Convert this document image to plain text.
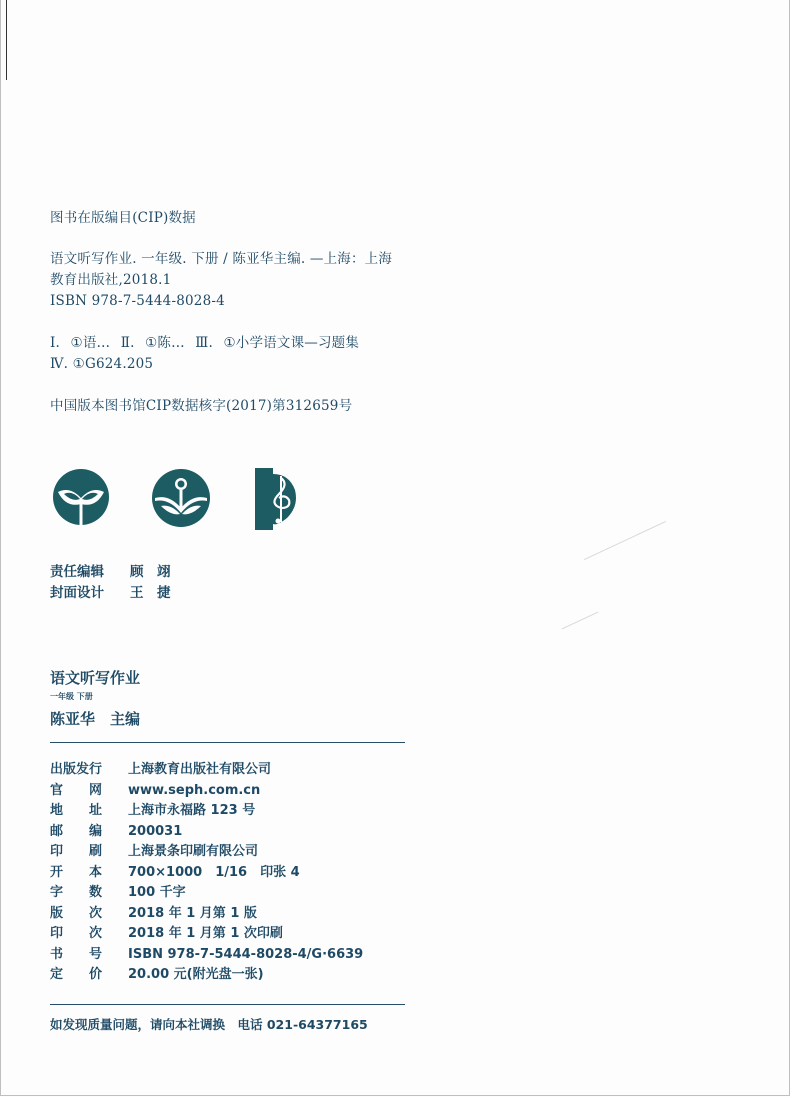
图书在版编目(CIP)数据
语文听写作业. 一年级. 下册 / 陈亚华主编. —上海：上海
教育出版社,2018.1
ISBN 978-7-5444-8028-4
Ⅰ. ①语… Ⅱ. ①陈… Ⅲ. ①小学语文课—习题集
Ⅳ. ①G624.205
中国版本图书馆CIP数据核字(2017)第312659号
责任编辑 顾　翊
封面设计 王　捷
语文听写作业
一年级 下册
陈亚华　主编
出版发行 上海教育出版社有限公司
官　　网 www.seph.com.cn
地　　址 上海市永福路 123 号
邮　　编 200031
印　　刷 上海景条印刷有限公司
开　　本 700×1000　1/16　印张 4
字　　数 100 千字
版　　次 2018 年 1 月第 1 版
印　　次 2018 年 1 月第 1 次印刷
书　　号 ISBN 978-7-5444-8028-4/G·6639
定　　价 20.00 元(附光盘一张)
如发现质量问题，请向本社调换　电话 021-64377165
